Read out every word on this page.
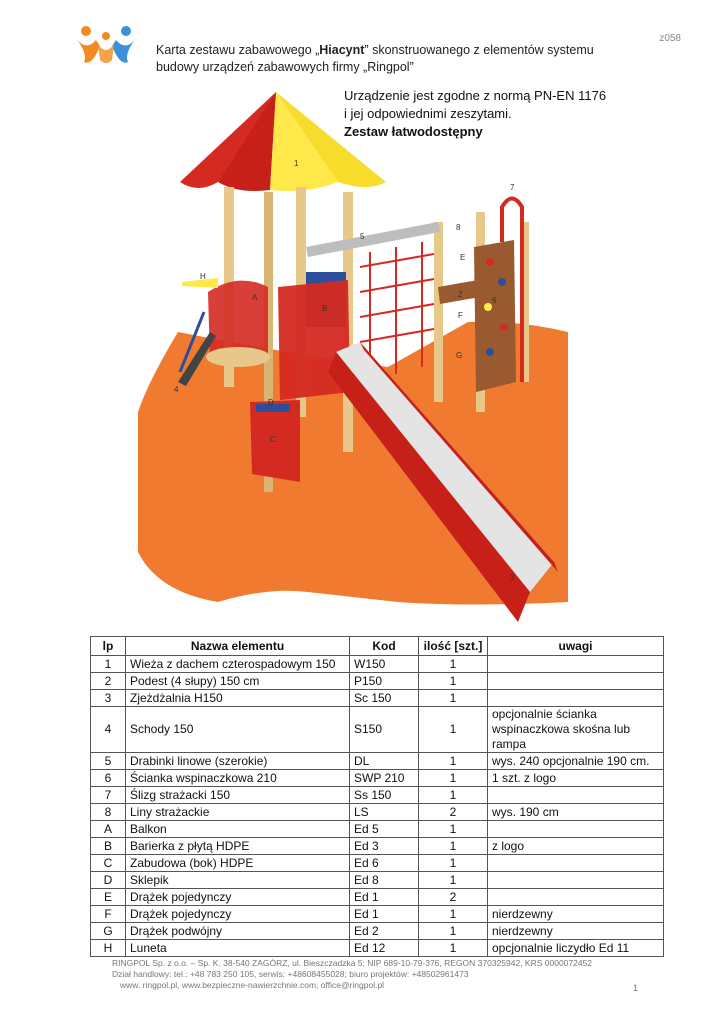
z058
Karta zestawu zabawowego „Hiacynt” skonstruowanego z elementów systemu
budowy urządzeń zabawowych firmy „Ringpol”
1
2
3
4
5
6
7
8
A
B
C
D
E
F
G
H
Urządzenie jest zgodne z normą PN-EN 1176
i jej odpowiednimi zeszytami.
Zestaw łatwodostępny
lp	Nazwa elementu	Kod	ilość [szt.]	uwagi
1	Wieża z dachem czterospadowym 150	W150	1	
2	Podest (4 słupy) 150 cm	P150	1	
3	Zjeżdżalnia H150	Sc 150	1	
4	Schody 150	S150	1	opcjonalnie ścianka wspinaczkowa skośna lub rampa
5	Drabinki linowe (szerokie)	DL	1	wys. 240 opcjonalnie 190 cm.
6	Ścianka wspinaczkowa 210	SWP 210	1	1 szt. z logo
7	Ślizg strażacki 150	Ss 150	1	
8	Liny strażackie	LS	2	wys. 190 cm
A	Balkon	Ed 5	1	
B	Barierka z płytą HDPE	Ed 3	1	z logo
C	Zabudowa (bok) HDPE	Ed 6	1	
D	Sklepik	Ed 8	1	
E	Drążek pojedynczy	Ed 1	2	
F	Drążek pojedynczy	Ed 1	1	nierdzewny
G	Drążek podwójny	Ed 2	1	nierdzewny
H	Luneta	Ed 12	1	opcjonalnie liczydło Ed 11
RINGPOL Sp. z o.o. – Sp. K. 38-540 ZAGÓRZ, ul. Bieszczadzka 5; NIP 689-10-79-376, REGON 370325942, KRS 0000072452
Dział handlowy: tel.: +48 783 250 105, serwis: +48608455028; biuro projektów: +48502961473
www. ringpol.pl, www.bezpieczne-nawierzchnie.com; office@ringpol.pl	1
